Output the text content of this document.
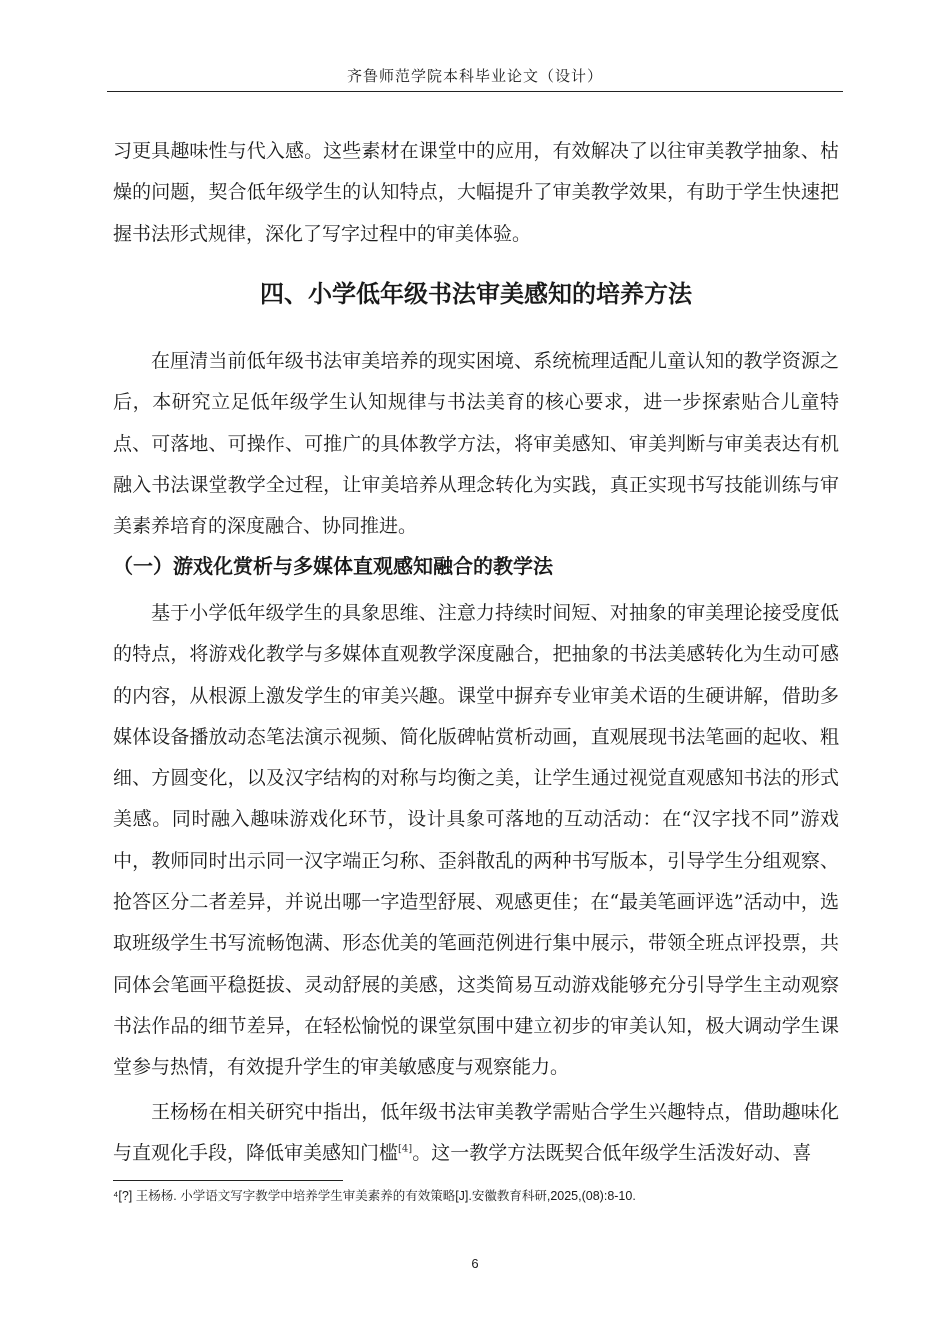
齐鲁师范学院本科毕业论文（设计）

习更具趣味性与代入感。这些素材在课堂中的应用，有效解决了以往审美教学抽象、枯燥的问题，契合低年级学生的认知特点，大幅提升了审美教学效果，有助于学生快速把握书法形式规律，深化了写字过程中的审美体验。

四、小学低年级书法审美感知的培养方法

在厘清当前低年级书法审美培养的现实困境、系统梳理适配儿童认知的教学资源之后，本研究立足低年级学生认知规律与书法美育的核心要求，进一步探索贴合儿童特点、可落地、可操作、可推广的具体教学方法，将审美感知、审美判断与审美表达有机融入书法课堂教学全过程，让审美培养从理念转化为实践，真正实现书写技能训练与审美素养培育的深度融合、协同推进。

（一）游戏化赏析与多媒体直观感知融合的教学法

基于小学低年级学生的具象思维、注意力持续时间短、对抽象的审美理论接受度低的特点，将游戏化教学与多媒体直观教学深度融合，把抽象的书法美感转化为生动可感的内容，从根源上激发学生的审美兴趣。课堂中摒弃专业审美术语的生硬讲解，借助多媒体设备播放动态笔法演示视频、简化版碑帖赏析动画，直观展现书法笔画的起收、粗细、方圆变化，以及汉字结构的对称与均衡之美，让学生通过视觉直观感知书法的形式美感。同时融入趣味游戏化环节，设计具象可落地的互动活动：在“汉字找不同”游戏中，教师同时出示同一汉字端正匀称、歪斜散乱的两种书写版本，引导学生分组观察、抢答区分二者差异，并说出哪一字造型舒展、观感更佳；在“最美笔画评选”活动中，选取班级学生书写流畅饱满、形态优美的笔画范例进行集中展示，带领全班点评投票，共同体会笔画平稳挺拔、灵动舒展的美感，这类简易互动游戏能够充分引导学生主动观察书法作品的细节差异，在轻松愉悦的课堂氛围中建立初步的审美认知，极大调动学生课堂参与热情，有效提升学生的审美敏感度与观察能力。

王杨杨在相关研究中指出，低年级书法审美教学需贴合学生兴趣特点，借助趣味化与直观化手段，降低审美感知门槛[4]。这一教学方法既契合低年级学生活泼好动、喜

⁴[?] 王杨杨. 小学语文写字教学中培养学生审美素养的有效策略[J].安徽教育科研,2025,(08):8-10.

6
